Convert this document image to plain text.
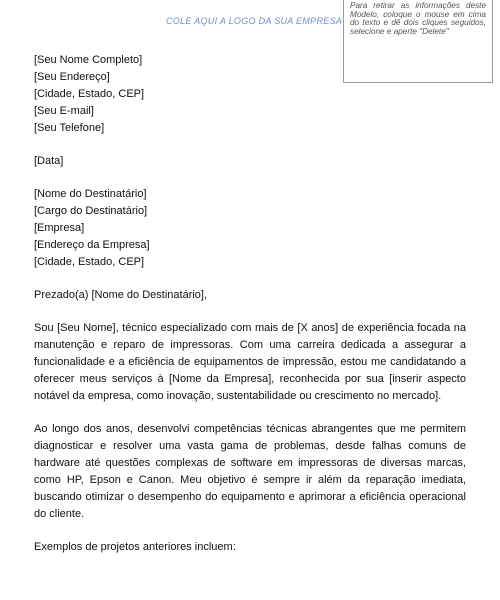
COLE AQUI A LOGO DA SUA EMPRESA
Para retirar as informações deste Modelo, coloque o mouse em cima do texto e dê dois cliques seguidos, selecione e aperte "Delete"

[Seu Nome Completo]

[Seu Endereço]

[Cidade, Estado, CEP]

[Seu E-mail]

[Seu Telefone]

[Data]

[Nome do Destinatário]

[Cargo do Destinatário]

[Empresa]

[Endereço da Empresa]

[Cidade, Estado, CEP]

Prezado(a) [Nome do Destinatário],

Sou [Seu Nome], técnico especializado com mais de [X anos] de experiência focada na manutenção e reparo de impressoras. Com uma carreira dedicada a assegurar a funcionalidade e a eficiência de equipamentos de impressão, estou me candidatando a oferecer meus serviços à [Nome da Empresa], reconhecida por sua [inserir aspecto notável da empresa, como inovação, sustentabilidade ou crescimento no mercado].

Ao longo dos anos, desenvolvi competências técnicas abrangentes que me permitem diagnosticar e resolver uma vasta gama de problemas, desde falhas comuns de hardware até questões complexas de software em impressoras de diversas marcas, como HP, Epson e Canon. Meu objetivo é sempre ir além da reparação imediata, buscando otimizar o desempenho do equipamento e aprimorar a eficiência operacional do cliente.

Exemplos de projetos anteriores incluem:
